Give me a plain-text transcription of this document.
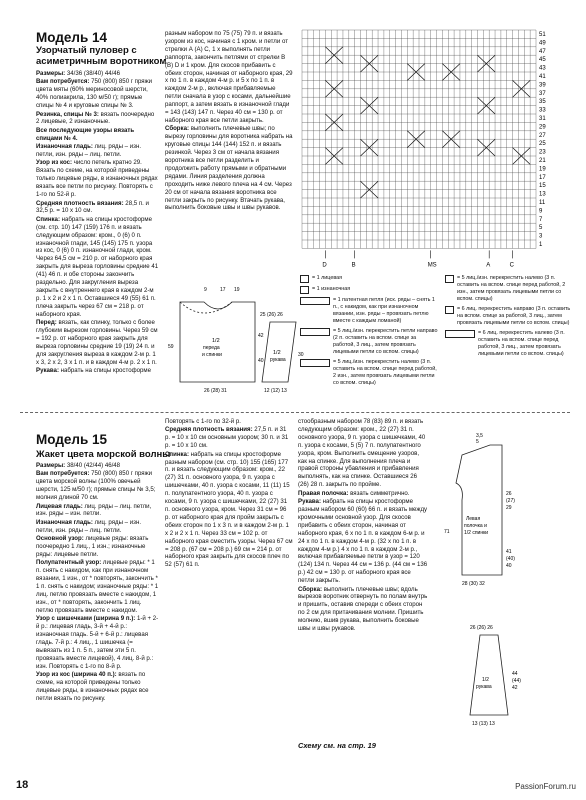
Модель 14
Узорчатый пуловер с асиметричным воротником

Размеры: 34/36 (38/40) 44/46

Вам потребуется: 750 (800) 850 г пряжи цвета мяты (60% мериносовой шерсти, 40% полиакрила, 130 м/50 г); прямые спицы № 4 и круговые спицы № 3.

Резинка, спицы № 3: вязать поочередно 2 лицевые, 2 изнаночные.

Все последующие узоры вязать спицами № 4.

Изнаночная гладь: лиц. ряды – изн. петли, изн. ряды – лиц. петли.

Узор из кос: число петель кратно 29. Вязать по схеме, на которой приведены только лицевые ряды, в изнаночных рядах вязать все петли по рисунку. Повторять с 1-го по 52-й р.

Средняя плотность вязания: 28,5 п. и 32,5 р. = 10 х 10 см.

Спинка: набрать на спицы кростоформе (см. стр. 10) 147 (159) 176 п. и вязать следующим образом: кром., 0 (6) 0 п. изнаночной глади, 145 (145) 175 п. узора из кос, 0 (6) 0 п. изнаночной глади, кром. Через 64,5 см = 210 р. от наборного края закрыть для выреза горловины средние 41 (41) 46 п. и обе стороны закончить раздельно. Для закругления выреза закрыть с внутреннего края в каждом 2-м р. 1 х 2 и 2 х 1 п. Оставшиеся 49 (55) 61 п. плеча закрыть через 67 см = 218 р. от наборного края.

Перед: вязать, как спинку, только с более глубоким вырезом горловины. Через 59 см = 192 р. от наборного края закрыть для выреза горловины средние 19 (19) 24 п. и для закругления выреза в каждом 2-м р. 1 х 3, 2 х 2, 3 х 1 п. и в каждом 4-м р. 2 х 1 п.

Рукава: набрать на спицы кростоформе

разным набором по 75 (75) 79 п. и вязать узором из кос, начиная с 1 кром. и петли от стрелки А (A) С, 1 х выполнять петли раппорта, закончить петлями от стрелки В (B) D и 1 кром. Для скосов прибавить с обеих сторон, начиная от наборного края, 29 х по 1 п. в каждом 4-м р. и 5 х по 1 п. в каждом 2-м р., включая прибавляемые петли сначала в узор с косами, дальнейшие раппорт, а затем вязать в изнаночной глади = 143 (143) 147 п. Через 40 см = 130 р. от наборного края все петли закрыть.

Сборка: выполнить плечевые швы; по вырезу горловины для воротника набрать на круговые спицы 144 (144) 152 п. и вязать резинкой. Через 3 см от начала вязания воротника все петли разделить и продолжить работу прямыми и обратными рядами. Линия разделения должна проходить ниже левого плеча на 4 см. Через 20 см от начала вязания воротника все петли закрыть по рисунку. Втачать рукава, выполнить боковые швы и швы рукавов.

51
49
47
45
43
41
39
37
35
33
31
29
27
25
23
21
19
17
15
13
11
9
7
5
3
1
D	B	MS	A	C
= 1 лицевая
= 1 изнаночная
= 1 патентная петля (иск. ряды – снять 1 п., с накидом, как при изнаночном вязании, изн. ряды – провязать петлю вместе с каждым ломаной)
= 5 лиц./изн. перекрестить петли направо (2 п. оставить на вспом. спице за работой, 3 лиц., затем провязать лицевыми петли со вспом. спицы)
= 5 лиц./изн. перекрестить налево (3 п. оставить на вспом. спице перед работой, 2 изн., затем провязать лицевыми петли со вспом. спицы)
= 5 лиц./изн. перекрестить налево (3 п. оставить на вспом. спице перед работой, 2 изн., затем провязать лицевыми петли со вспом. спицы)
= 6 лиц. перекрестить направо (3 п. оставить на вспом. спице за работой, 3 лиц., затем провязать лицевыми петли со вспом. спицы)
= 6 лиц. перекрестить налево (3 п. оставить на вспом. спице перед работой, 3 лиц., затем провязать лицевыми петли со вспом. спицы)
1/2
переда
и спинки	1/2
рукава
9	17 19
26 (28) 31
25 (26) 26
12 (12) 13
59
42
40
30
Модель 15
Жакет цвета морской волны

Размеры: 38/40 (42/44) 46/48

Вам потребуется: 750 (800) 850 г пряжи цвета морской волны (100% овечьей шерсти, 125 м/50 г); прямые спицы № 3,5; молния длиной 70 см.

Лицевая гладь: лиц. ряды – лиц. петли, изн. ряды – изн. петли.

Изнаночная гладь: лиц. ряды – изн. петли, изн. ряды – лиц. петли.

Основной узор: лицевые ряды: вязать поочередно 1 лиц., 1 изн.; изнаночные ряды: лицевые петли.

Полупатентный узор: лицевые ряды: * 1 п. снять с накидом, как при изнаночном вязании, 1 изн., от * повторять, закончить * 1 п. снять с накидом; изнаночные ряды: * 1 лиц. петлю провязать вместе с накидом, 1 изн., от * повторять, закончить 1 лиц. петлю провязать вместе с накидом.

Узор с шишечками (ширина 9 п.): 1-й + 2-й р.: лицевая гладь, 3-й + 4-й р.: изнаночная гладь. 5-й + 6-й р.: лицевая гладь. 7-й р.: 4 лиц., 1 шишечка (= вывязать из 1 п. 5 п., затем эти 5 п. провязать вместе лицевой), 4 лиц. 8-й р.: изн. Повторять с 1-го по 8-й р.

Узор из кос (ширина 40 п.): вязать по схеме, на которой приведены только лицевые ряды, в изнаночных рядах все петли вязать по рисунку.

Повторять с 1-го по 32-й р.

Средняя плотность вязания: 27,5 п. и 31 р. = 10 х 10 см основным узором; 30 п. и 31 р. = 10 х 10 см.

Спинка: набрать на спицы кростоформе разным набором (см. стр. 10) 155 (165) 177 п. и вязать следующим образом: кром., 22 (27) 31 п. основного узора, 9 п. узора с шишечками, 40 п. узора с косами, 11 (11) 15 п. полупатентного узора, 40 п. узора с косами, 9 п. узора с шишечками, 22 (27) 31 п. основного узора, кром. Через 31 см = 96 р. от наборного края для пройм закрыть с обеих сторон по 1 х 3 п. и в каждом 2-м р. 1 х 2 и 2 х 1 п. Через 33 см = 102 р. от наборного края сместить узоры. Через 67 см = 208 р. (67 см = 208 р.) 69 см = 214 р. от наборного края закрыть для скосов плеч по 52 (57) 61 п.

стообразным набором 78 (83) 89 п. и вязать следующим образом: кром., 22 (27) 31 п. основного узора, 9 п. узора с шишечками, 40 п. узора с косами, 5 (5) 7 п. полупатентного узора, кром. Выполнить смещение узоров, как на спинке. Для выполнения плеча и правой стороны убавления и прибавления выполнять, как на спинке. Оставшиеся 26 (26) 28 п. закрыть по пройме.

Правая полочка: вязать симметрично.

Рукава: набрать на спицы кростоформе разным набором 60 (60) 66 п. и вязать между кромочными основной узор. Для скосов прибавить с обеих сторон, начиная от наборного края, 6 х по 1 п. в каждом 6-м р. и 24 х по 1 п. в каждом 4-м р. (32 х по 1 п. в каждом 4-м р.) 4 х по 1 п. в каждом 2-м р., включая прибавляемые петли в узор = 120 (124) 134 п. Через 44 см = 136 р. (44 см = 136 р.) 42 см = 130 р. от наборного края все петли закрыть.

Сборка: выполнить плечевые швы; вдоль вырезов воротник отвернуть по полам внутрь и пришить, оставив спереди с обеих сторон по 2 см для притачивания молнии. Пришить молнию, вшив рукава, выполнить боковые швы и швы рукавов.

Схему см. на стр. 19
3,5
5
Левая
полочка и
1/2 спинки
71
26
(27)
29
41
(40)
40
28 (30) 32
26 (26) 26
1/2
рукава
44
(44)
42
13 (13) 13
18	PassionForum.ru
